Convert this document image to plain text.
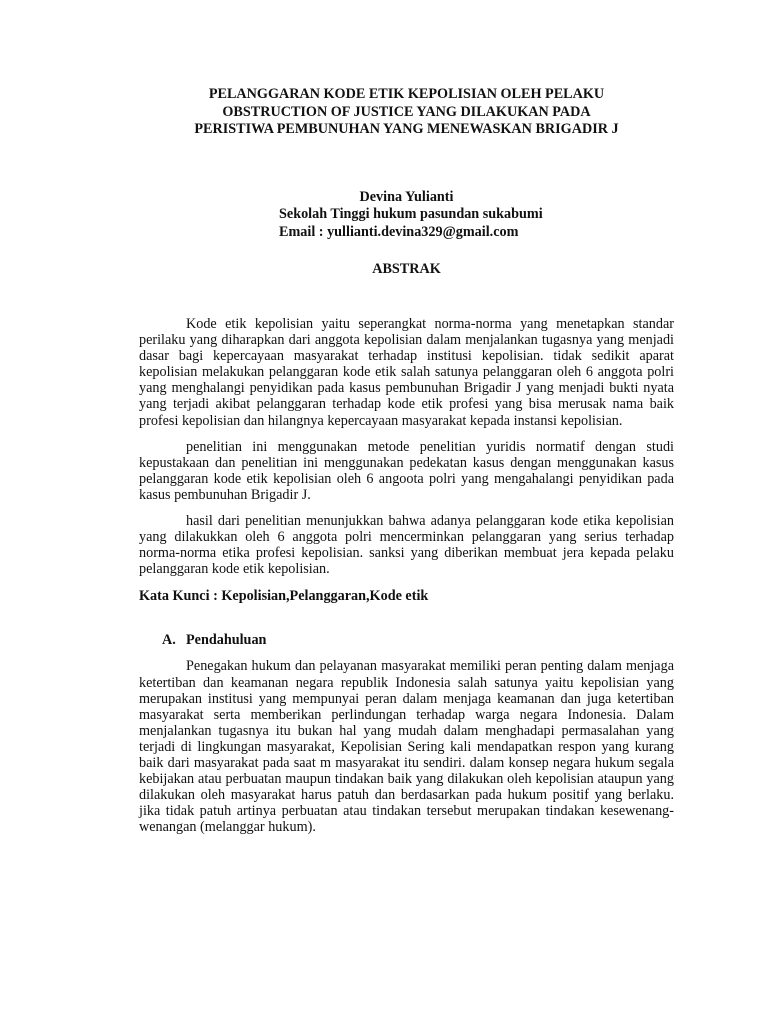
PELANGGARAN KODE ETIK KEPOLISIAN OLEH PELAKU
OBSTRUCTION OF JUSTICE YANG DILAKUKAN PADA
PERISTIWA PEMBUNUHAN YANG MENEWASKAN BRIGADIR J
Devina Yulianti
Sekolah Tinggi hukum pasundan sukabumi
Email : yullianti.devina329@gmail.com
ABSTRAK

Kode etik kepolisian yaitu seperangkat norma-norma yang menetapkan standar perilaku yang diharapkan dari anggota kepolisian dalam menjalankan tugasnya yang menjadi dasar bagi kepercayaan masyarakat terhadap institusi kepolisian. tidak sedikit aparat kepolisian melakukan pelanggaran kode etik salah satunya pelanggaran oleh 6 anggota polri yang menghalangi penyidikan pada kasus pembunuhan Brigadir J yang menjadi bukti nyata yang terjadi akibat pelanggaran terhadap kode etik profesi yang bisa merusak nama baik profesi kepolisian dan hilangnya kepercayaan masyarakat kepada instansi kepolisian.

penelitian ini menggunakan metode penelitian yuridis normatif dengan studi kepustakaan dan penelitian ini menggunakan pedekatan kasus dengan menggunakan kasus pelanggaran kode etik kepolisian oleh 6 angoota polri yang mengahalangi penyidikan pada kasus pembunuhan Brigadir J.

hasil dari penelitian menunjukkan bahwa adanya pelanggaran kode etika kepolisian yang dilakukkan oleh 6 anggota polri mencerminkan pelanggaran yang serius terhadap norma-norma etika profesi kepolisian. sanksi yang diberikan membuat jera kepada pelaku pelanggaran kode etik kepolisian.

Kata Kunci : Kepolisian,Pelanggaran,Kode etik
A. Pendahuluan

Penegakan hukum dan pelayanan masyarakat memiliki peran penting dalam menjaga ketertiban dan keamanan negara republik Indonesia salah satunya yaitu kepolisian yang merupakan institusi yang mempunyai peran dalam menjaga keamanan dan juga ketertiban masyarakat serta memberikan perlindungan terhadap warga negara Indonesia. Dalam menjalankan tugasnya itu bukan hal yang mudah dalam menghadapi permasalahan yang terjadi di lingkungan masyarakat, Kepolisian Sering kali mendapatkan respon yang kurang baik dari masyarakat pada saat m masyarakat itu sendiri. dalam konsep negara hukum segala kebijakan atau perbuatan maupun tindakan baik yang dilakukan oleh kepolisian ataupun yang dilakukan oleh masyarakat harus patuh dan berdasarkan pada hukum positif yang berlaku. jika tidak patuh artinya perbuatan atau tindakan tersebut merupakan tindakan kesewenang-wenangan (melanggar hukum).
